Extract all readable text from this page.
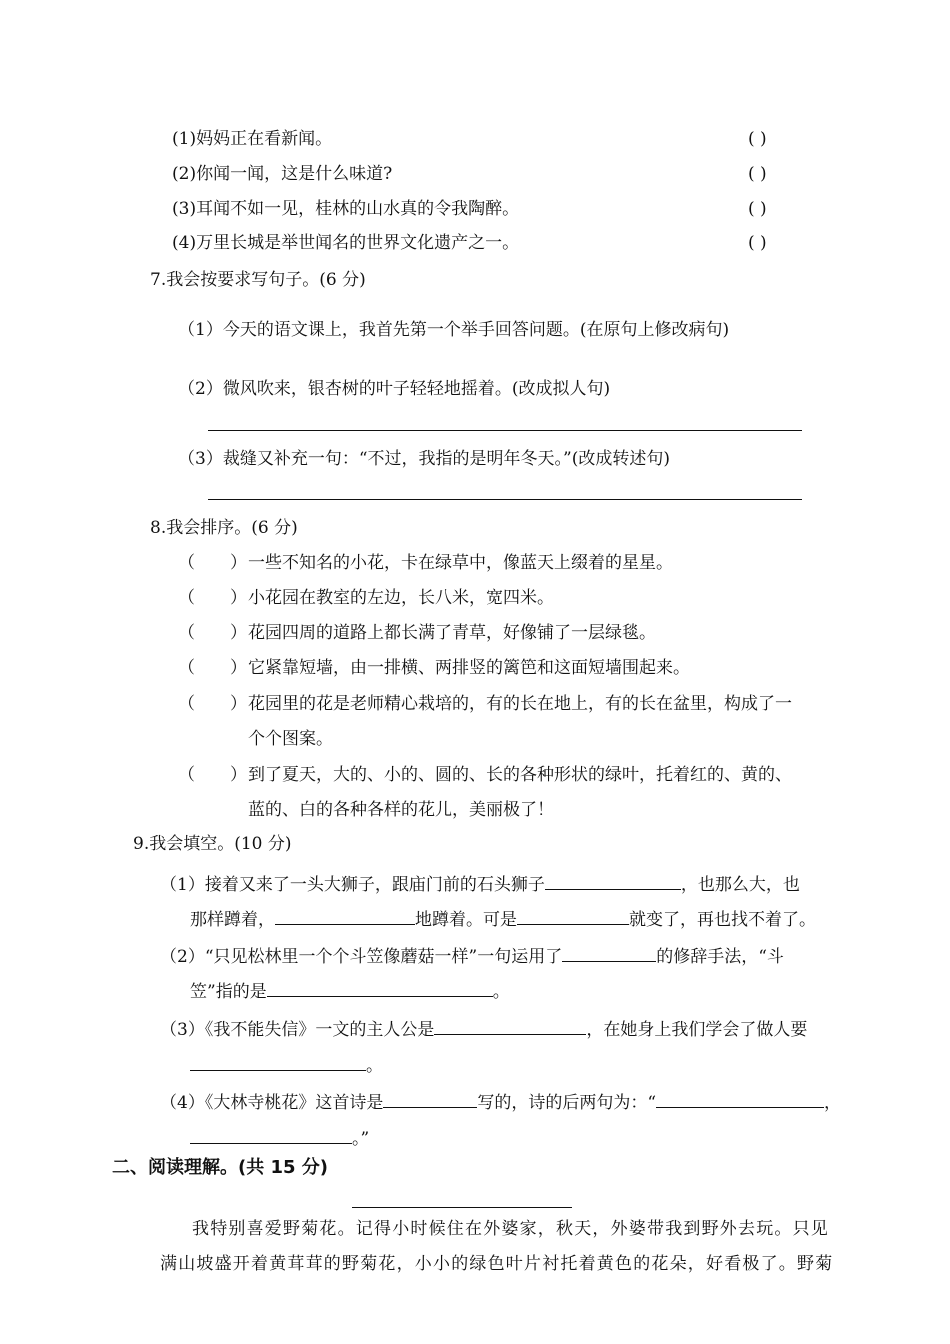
(1)妈妈正在看新闻。	( )
(2)你闻一闻，这是什么味道?	( )
(3)耳闻不如一见，桂林的山水真的令我陶醉。	( )
(4)万里长城是举世闻名的世界文化遗产之一。	( )
7.我会按要求写句子。(6 分)
（1）今天的语文课上，我首先第一个举手回答问题。(在原句上修改病句)
（2）微风吹来，银杏树的叶子轻轻地摇着。(改成拟人句)
（3）裁缝又补充一句：“不过，我指的是明年冬天。”(改成转述句)
8.我会排序。(6 分)
（ ） 一些不知名的小花，卡在绿草中，像蓝天上缀着的星星。
（ ） 小花园在教室的左边，长八米，宽四米。
（ ） 花园四周的道路上都长满了青草，好像铺了一层绿毯。
（ ） 它紧靠短墙，由一排横、两排竖的篱笆和这面短墙围起来。
（ ） 花园里的花是老师精心栽培的，有的长在地上，有的长在盆里，构成了一
个个图案。
（ ） 到了夏天，大的、小的、圆的、长的各种形状的绿叶，托着红的、黄的、
蓝的、白的各种各样的花儿，美丽极了！
9.我会填空。(10 分)
（1）接着又来了一头大狮子，跟庙门前的石头狮子	，也那么大，也
那样蹲着，	地蹲着。可是	就变了，再也找不着了。
（2）“只见松林里一个个斗笠像蘑菇一样”一句运用了	的修辞手法，“斗
笠”指的是	。
（3）《我不能失信》一文的主人公是	，在她身上我们学会了做人要
。
（4）《大林寺桃花》这首诗是	写的，诗的后两句为：“	，
。”
二、阅读理解。(共 15 分)
我特别喜爱野菊花。记得小时候住在外婆家，秋天，外婆带我到野外去玩。只见
满山坡盛开着黄茸茸的野菊花，小小的绿色叶片衬托着黄色的花朵，好看极了。野菊
